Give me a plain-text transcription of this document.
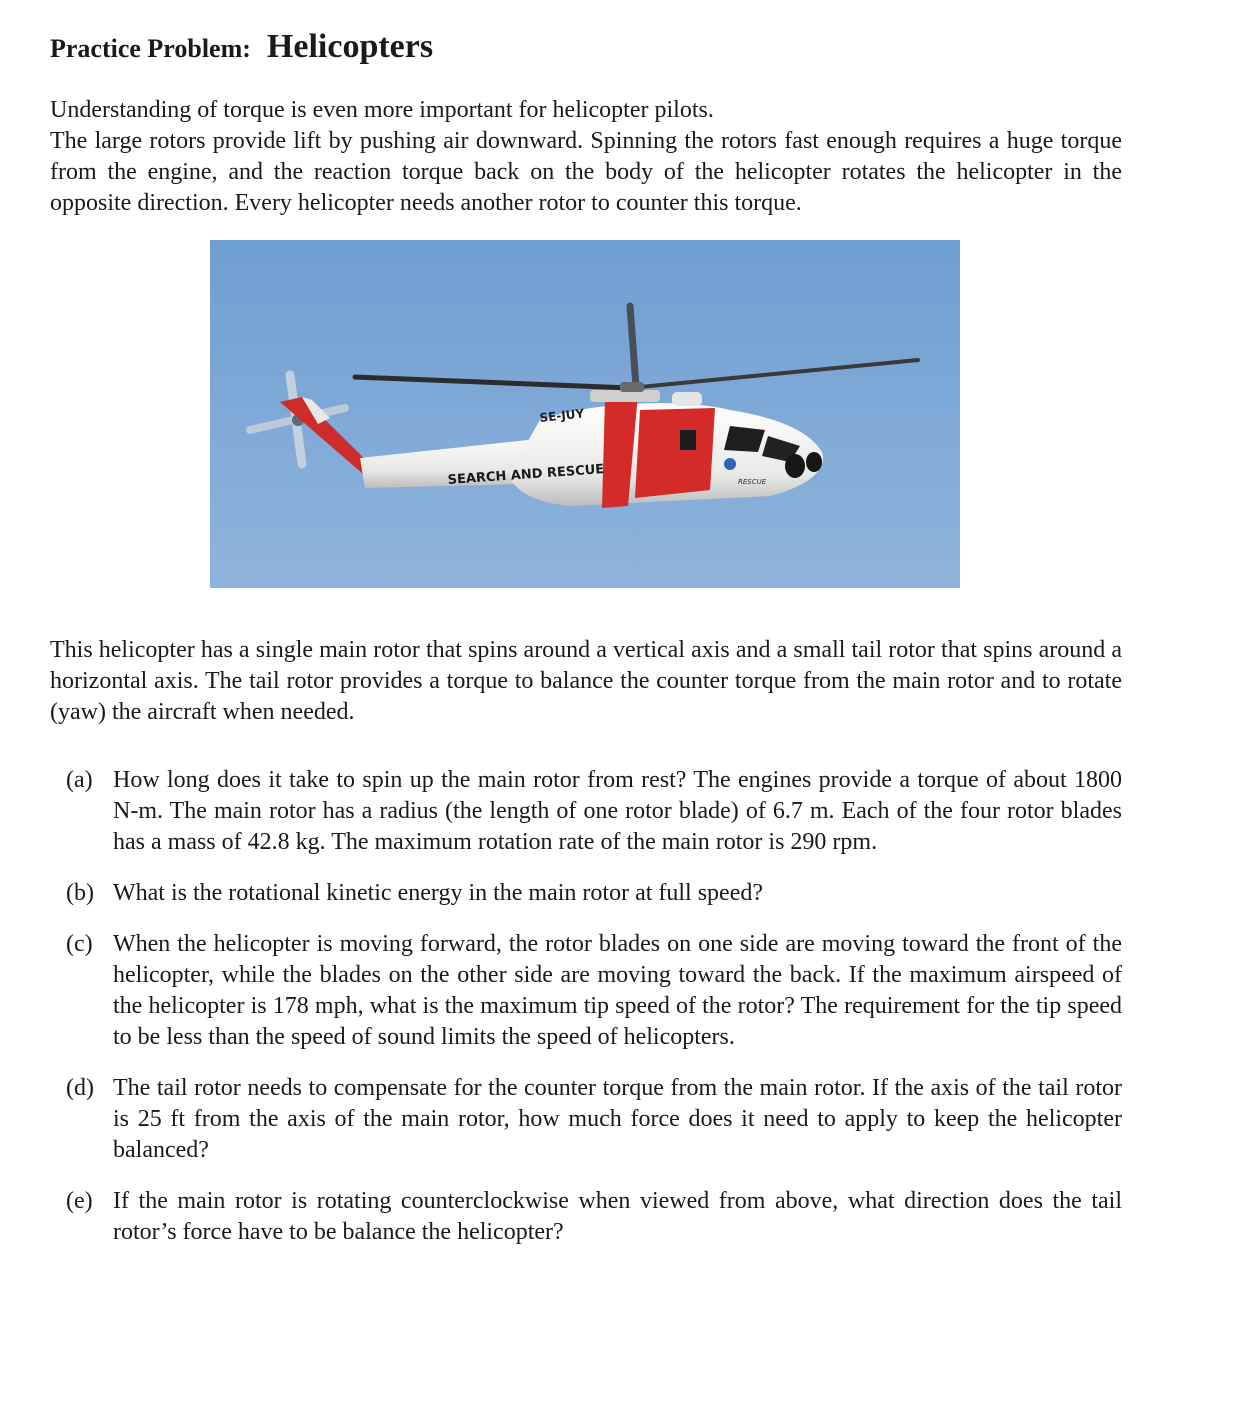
Practice Problem: Helicopters
Understanding of torque is even more important for helicopter pilots.
The large rotors provide lift by pushing air downward. Spinning the rotors fast enough requires a huge torque from the engine, and the reaction torque back on the body of the helicopter rotates the helicopter in the opposite direction. Every helicopter needs another rotor to counter this torque.
SE-JUY
SEARCH AND RESCUE	RESCUE

This helicopter has a single main rotor that spins around a vertical axis and a small tail rotor that spins around a horizontal axis. The tail rotor provides a torque to balance the counter torque from the main rotor and to rotate (yaw) the aircraft when needed.

(a) How long does it take to spin up the main rotor from rest? The engines provide a torque of about 1800 N-m. The main rotor has a radius (the length of one rotor blade) of 6.7 m. Each of the four rotor blades has a mass of 42.8 kg. The maximum rotation rate of the main rotor is 290 rpm.
(b) What is the rotational kinetic energy in the main rotor at full speed?
(c) When the helicopter is moving forward, the rotor blades on one side are moving toward the front of the helicopter, while the blades on the other side are moving toward the back. If the maximum airspeed of the helicopter is 178 mph, what is the maximum tip speed of the rotor? The requirement for the tip speed to be less than the speed of sound limits the speed of helicopters.
(d) The tail rotor needs to compensate for the counter torque from the main rotor. If the axis of the tail rotor is 25 ft from the axis of the main rotor, how much force does it need to apply to keep the helicopter balanced?
(e) If the main rotor is rotating counterclockwise when viewed from above, what direction does the tail rotor’s force have to be balance the helicopter?
